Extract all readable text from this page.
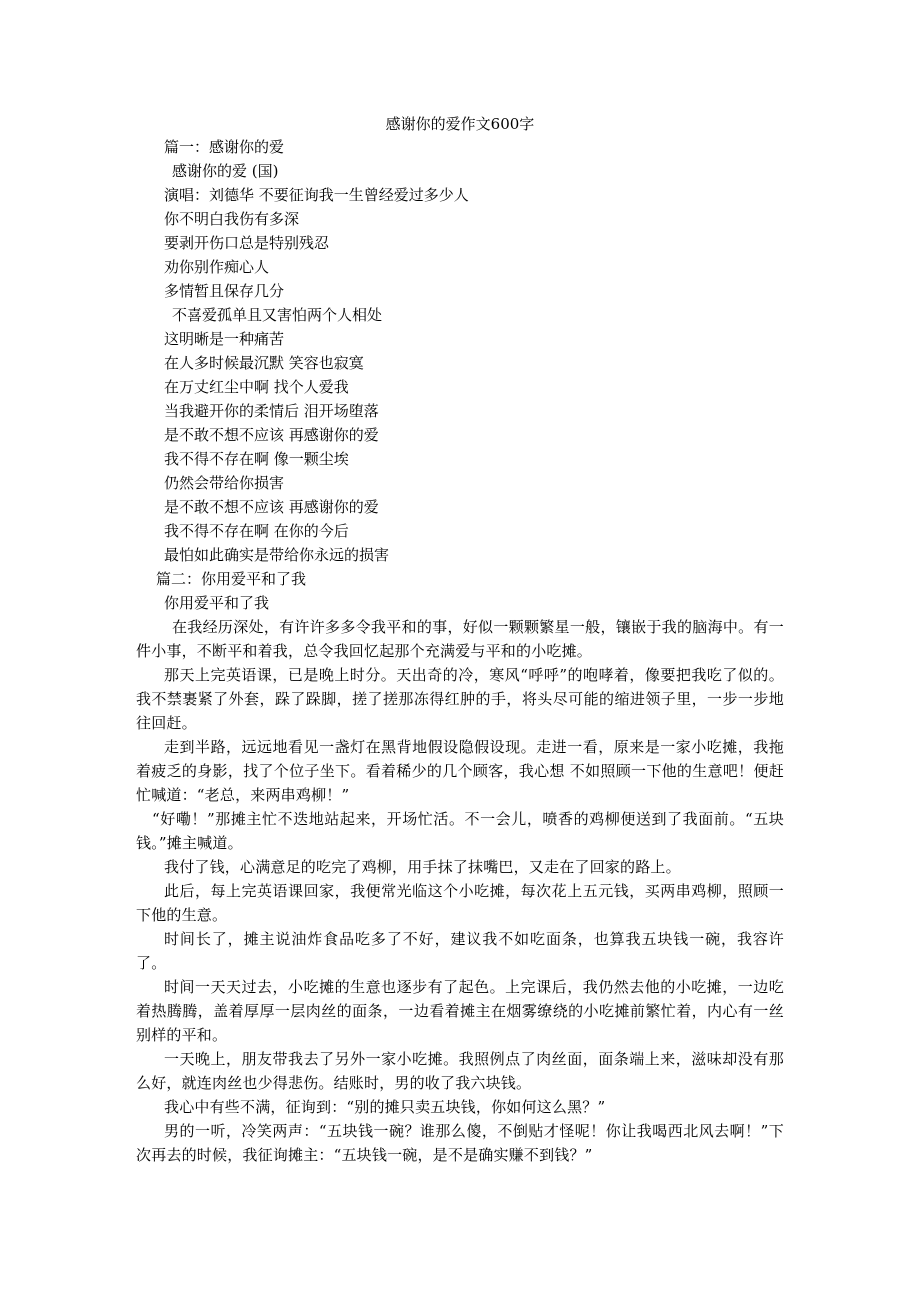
感谢你的爱作文600字
篇一：感谢你的爱
感谢你的爱 (国)
演唱：刘德华 不要征询我一生曾经爱过多少人
你不明白我伤有多深
要剥开伤口总是特别残忍
劝你别作痴心人
多情暂且保存几分
不喜爱孤单且又害怕两个人相处
这明晰是一种痛苦
在人多时候最沉默 笑容也寂寞
在万丈红尘中啊 找个人爱我
当我避开你的柔情后 泪开场堕落
是不敢不想不应该 再感谢你的爱
我不得不存在啊 像一颗尘埃
仍然会带给你损害
是不敢不想不应该 再感谢你的爱
我不得不存在啊 在你的今后
最怕如此确实是带给你永远的损害
篇二：你用爱平和了我
你用爱平和了我

在我经历深处，有许许多多令我平和的事，好似一颗颗繁星一般，镶嵌于我的脑海中。有一件小事，不断平和着我，总令我回忆起那个充满爱与平和的小吃摊。

那天上完英语课，已是晚上时分。天出奇的冷，寒风“呼呼”的咆哮着，像要把我吃了似的。我不禁裹紧了外套，跺了跺脚，搓了搓那冻得红肿的手，将头尽可能的缩进领子里，一步一步地往回赶。

走到半路，远远地看见一盏灯在黑背地假设隐假设现。走进一看，原来是一家小吃摊，我拖着疲乏的身影，找了个位子坐下。看着稀少的几个顾客，我心想 不如照顾一下他的生意吧！便赶忙喊道：“老总，来两串鸡柳！”

“好嘞！”那摊主忙不迭地站起来，开场忙活。不一会儿，喷香的鸡柳便送到了我面前。“五块钱。”摊主喊道。

我付了钱，心满意足的吃完了鸡柳，用手抹了抹嘴巴，又走在了回家的路上。

此后，每上完英语课回家，我便常光临这个小吃摊，每次花上五元钱，买两串鸡柳，照顾一下他的生意。

时间长了，摊主说油炸食品吃多了不好，建议我不如吃面条，也算我五块钱一碗，我容许了。

时间一天天过去，小吃摊的生意也逐步有了起色。上完课后，我仍然去他的小吃摊，一边吃着热腾腾，盖着厚厚一层肉丝的面条，一边看着摊主在烟雾缭绕的小吃摊前繁忙着，内心有一丝别样的平和。

一天晚上，朋友带我去了另外一家小吃摊。我照例点了肉丝面，面条端上来，滋味却没有那么好，就连肉丝也少得悲伤。结账时，男的收了我六块钱。

我心中有些不满，征询到：“别的摊只卖五块钱，你如何这么黑？”

男的一听，冷笑两声：“五块钱一碗？谁那么傻，不倒贴才怪呢！你让我喝西北风去啊！”下次再去的时候，我征询摊主：“五块钱一碗，是不是确实赚不到钱？”
